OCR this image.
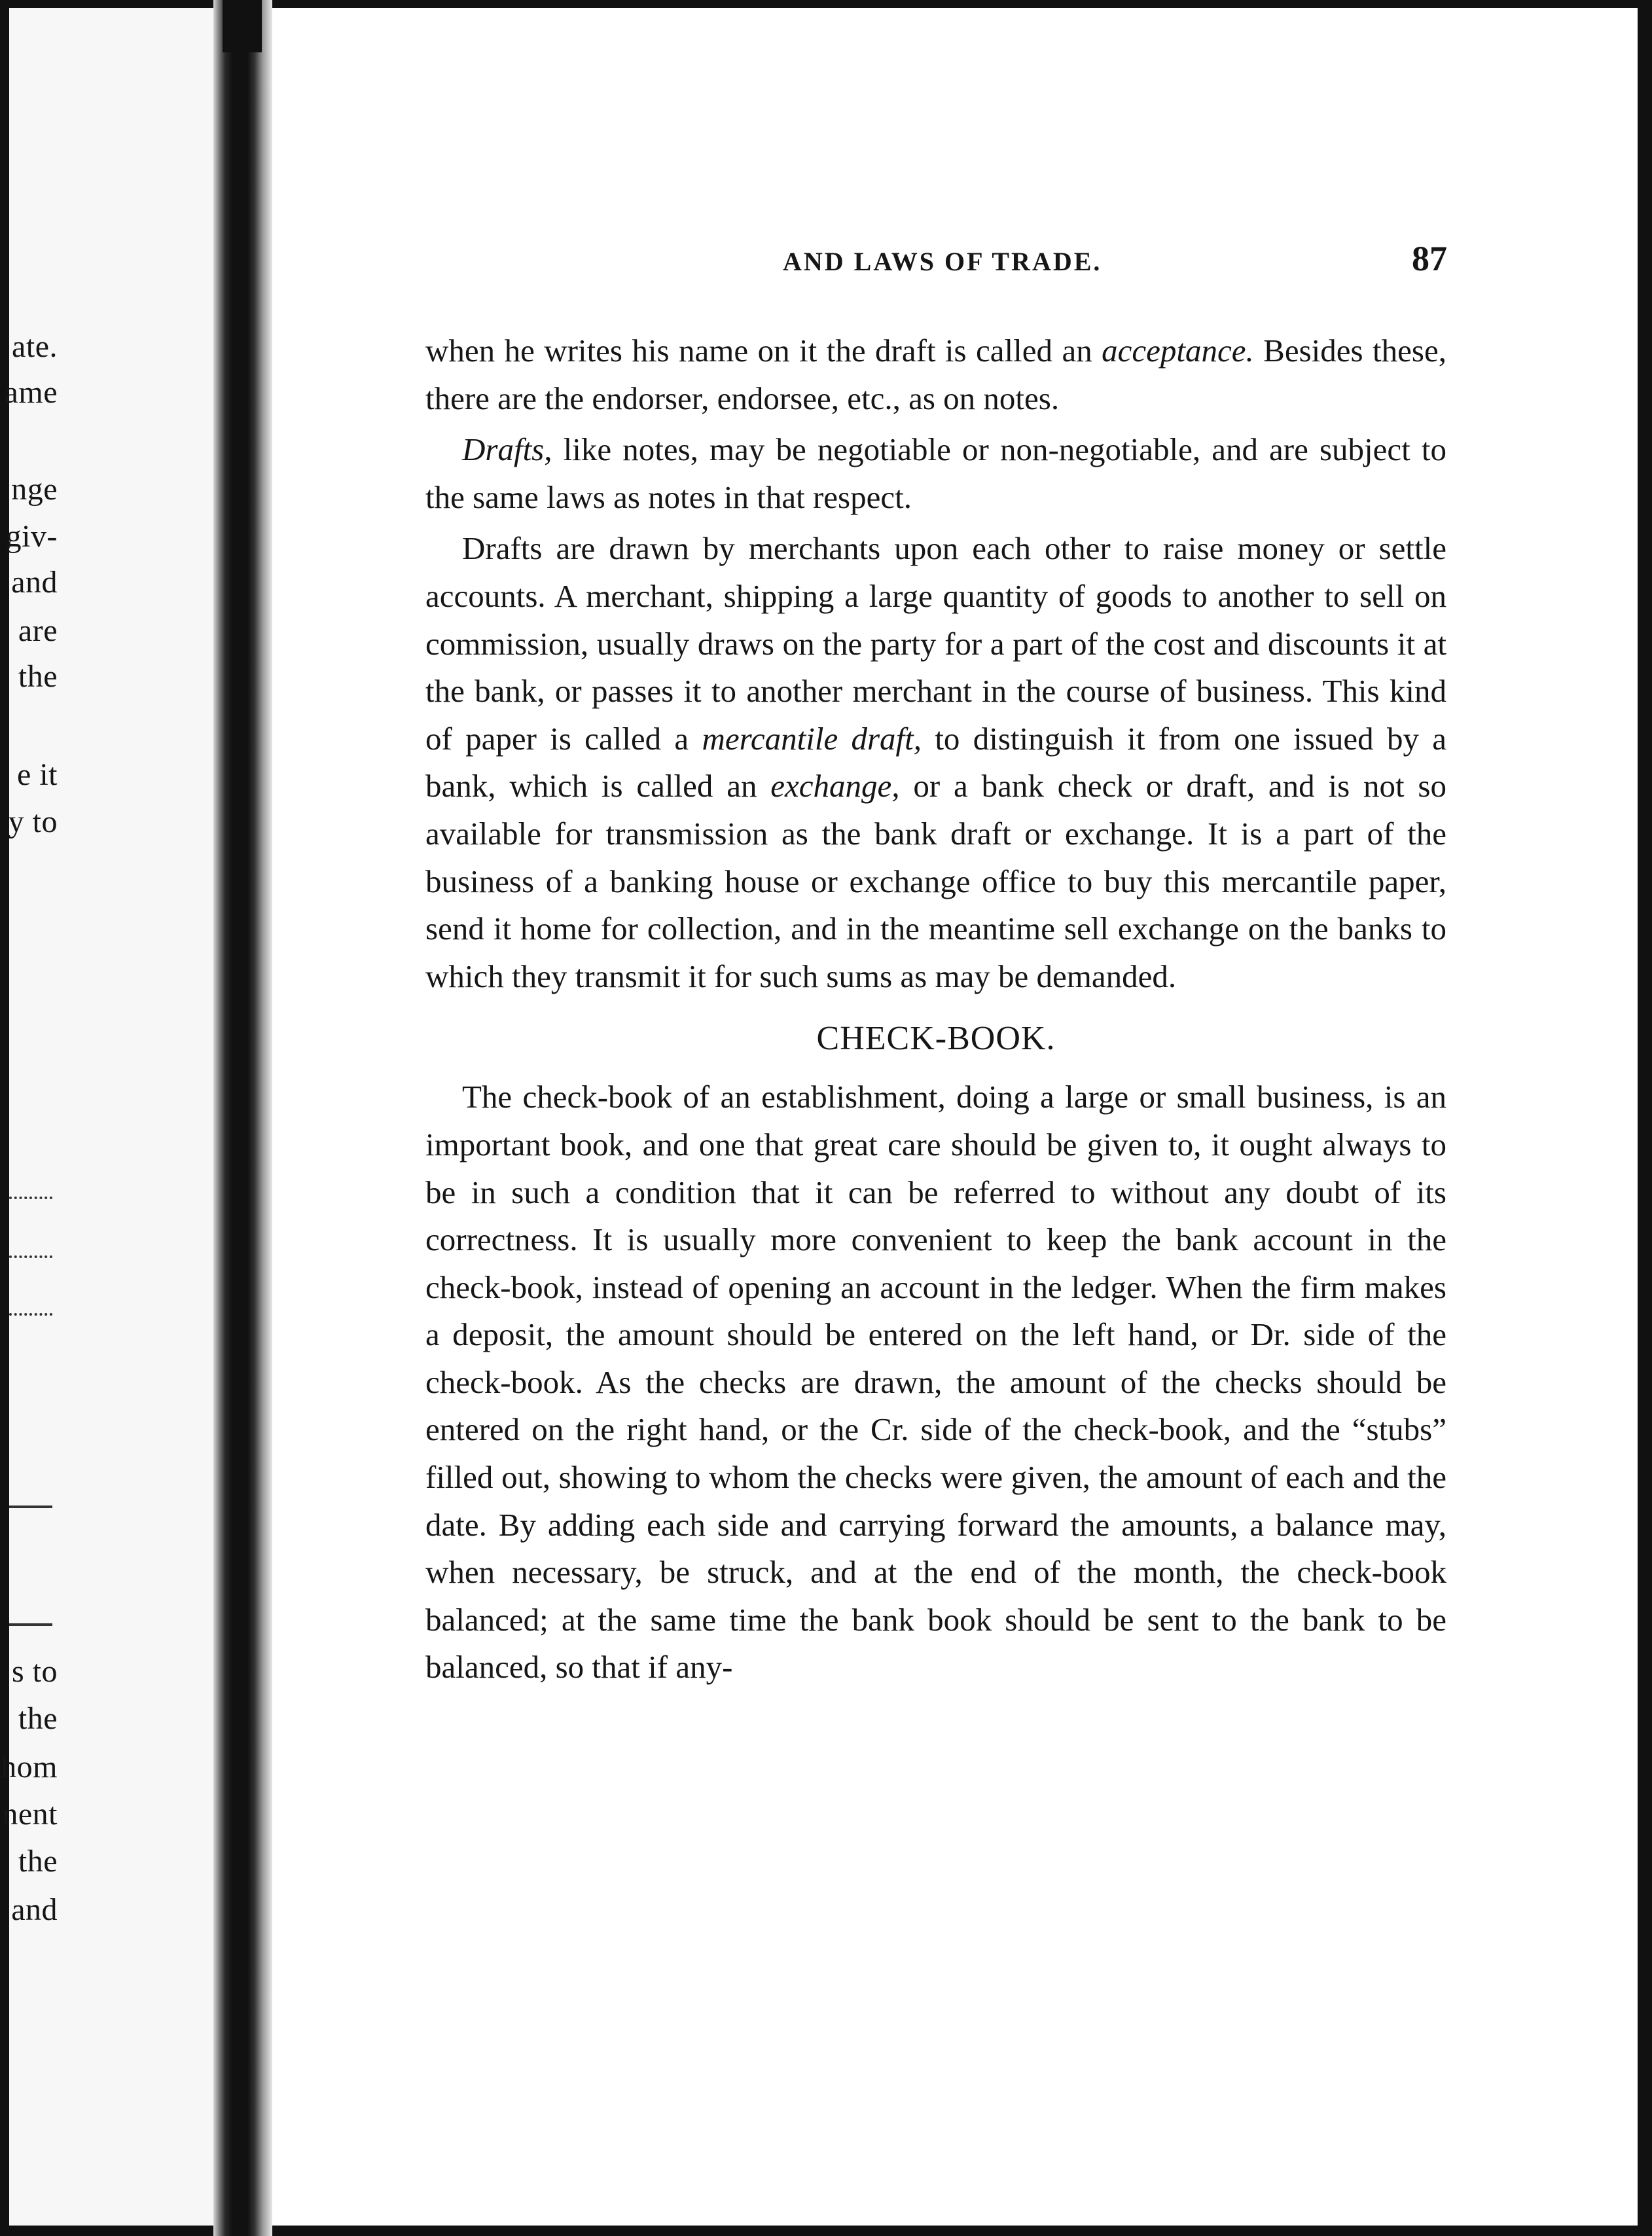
ate.
ame
nge
giv-
and
are
the
e it
y to
s to
the
hom
nent
the
and
AND LAWS OF TRADE.	87

when he writes his name on it the draft is called an acceptance. Besides these, there are the endorser, endorsee, etc., as on notes.

Drafts, like notes, may be negotiable or non-negotiable, and are subject to the same laws as notes in that respect.

Drafts are drawn by merchants upon each other to raise money or settle accounts. A merchant, shipping a large quantity of goods to another to sell on commission, usually draws on the party for a part of the cost and discounts it at the bank, or passes it to another merchant in the course of business. This kind of paper is called a mercantile draft, to distinguish it from one issued by a bank, which is called an exchange, or a bank check or draft, and is not so available for transmission as the bank draft or exchange. It is a part of the business of a banking house or exchange office to buy this mercantile paper, send it home for collection, and in the meantime sell exchange on the banks to which they transmit it for such sums as may be demanded.

CHECK-BOOK.

The check-book of an establishment, doing a large or small business, is an important book, and one that great care should be given to, it ought always to be in such a condition that it can be referred to without any doubt of its correctness. It is usually more convenient to keep the bank account in the check-book, instead of opening an account in the ledger. When the firm makes a deposit, the amount should be entered on the left hand, or Dr. side of the check-book. As the checks are drawn, the amount of the checks should be entered on the right hand, or the Cr. side of the check-book, and the “stubs” filled out, showing to whom the checks were given, the amount of each and the date. By adding each side and carrying forward the amounts, a balance may, when necessary, be struck, and at the end of the month, the check-book balanced; at the same time the bank book should be sent to the bank to be balanced, so that if any-
